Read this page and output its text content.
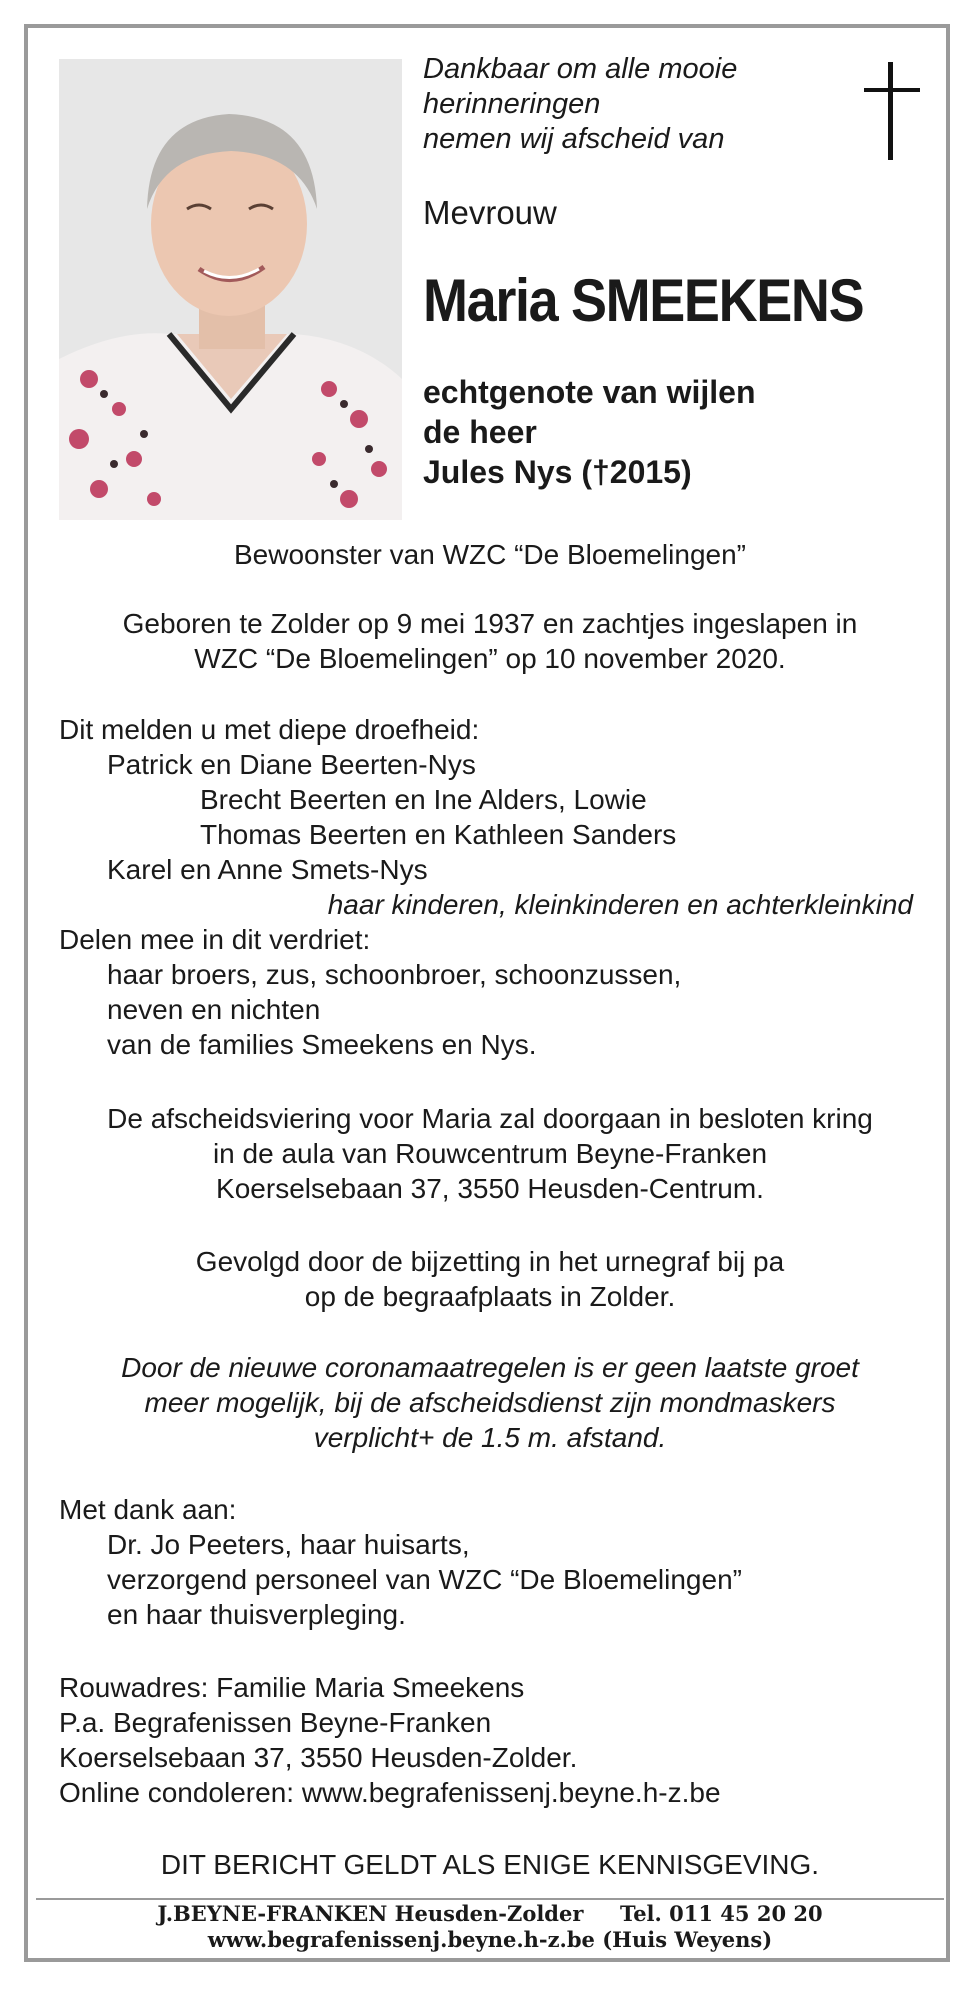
Dankbaar om alle mooie
herinneringen
nemen wij afscheid van
Mevrouw
Maria SMEEKENS
echtgenote van wijlen
de heer
Jules Nys (†2015)
Bewoonster van WZC “De Bloemelingen”
Geboren te Zolder op 9 mei 1937 en zachtjes ingeslapen in
WZC “De Bloemelingen” op 10 november 2020.
Dit melden u met diepe droefheid:
Patrick en Diane Beerten-Nys
Brecht Beerten en Ine Alders, Lowie
Thomas Beerten en Kathleen Sanders
Karel en Anne Smets-Nys
haar kinderen, kleinkinderen en achterkleinkind
Delen mee in dit verdriet:
haar broers, zus, schoonbroer, schoonzussen,
neven en nichten
van de families Smeekens en Nys.
De afscheidsviering voor Maria zal doorgaan in besloten kring
in de aula van Rouwcentrum Beyne-Franken
Koerselsebaan 37, 3550 Heusden-Centrum.
Gevolgd door de bijzetting in het urnegraf bij pa
op de begraafplaats in Zolder.
Door de nieuwe coronamaatregelen is er geen laatste groet
meer mogelijk, bij de afscheidsdienst zijn mondmaskers
verplicht+ de 1.5 m. afstand.
Met dank aan:
Dr. Jo Peeters, haar huisarts,
verzorgend personeel van WZC “De Bloemelingen”
en haar thuisverpleging.
Rouwadres: Familie Maria Smeekens
P.a. Begrafenissen Beyne-Franken
Koerselsebaan 37, 3550 Heusden-Zolder.
Online condoleren: www.begrafenissenj.beyne.h-z.be
DIT BERICHT GELDT ALS ENIGE KENNISGEVING.
J.BEYNE-FRANKEN Heusden-Zolder     Tel. 011 45 20 20
www.begrafenissenj.beyne.h-z.be (Huis Weyens)
